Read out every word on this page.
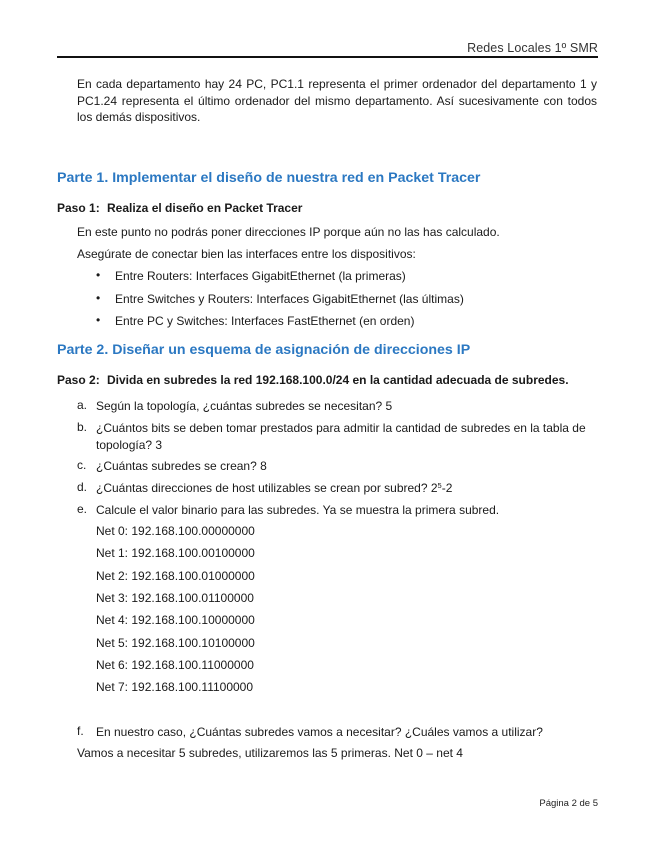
Redes Locales 1º SMR
En cada departamento hay 24 PC, PC1.1 representa el primer ordenador del departamento 1 y PC1.24 representa el último ordenador del mismo departamento. Así sucesivamente con todos los demás dispositivos.
Parte 1. Implementar el diseño de nuestra red en Packet Tracer
Paso 1: Realiza el diseño en Packet Tracer
En este punto no podrás poner direcciones IP porque aún no las has calculado.
Asegúrate de conectar bien las interfaces entre los dispositivos:
• Entre Routers: Interfaces GigabitEthernet (la primeras)
• Entre Switches y Routers: Interfaces GigabitEthernet (las últimas)
• Entre PC y Switches: Interfaces FastEthernet (en orden)
Parte 2. Diseñar un esquema de asignación de direcciones IP
Paso 2: Divida en subredes la red 192.168.100.0/24 en la cantidad adecuada de subredes.
a. Según la topología, ¿cuántas subredes se necesitan? 5
b. ¿Cuántos bits se deben tomar prestados para admitir la cantidad de subredes en la tabla de topología? 3
c. ¿Cuántas subredes se crean? 8
d. ¿Cuántas direcciones de host utilizables se crean por subred? $2^5-2$
e. Calcule el valor binario para las subredes. Ya se muestra la primera subred.
Net 0: 192.168.100.00000000
Net 1: 192.168.100.00100000
Net 2: 192.168.100.01000000
Net 3: 192.168.100.01100000
Net 4: 192.168.100.10000000
Net 5: 192.168.100.10100000
Net 6: 192.168.100.11000000
Net 7: 192.168.100.11100000
f. En nuestro caso, ¿Cuántas subredes vamos a necesitar? ¿Cuáles vamos a utilizar?
Vamos a necesitar 5 subredes, utilizaremos las 5 primeras. Net 0 – net 4
Página 2 de 5
